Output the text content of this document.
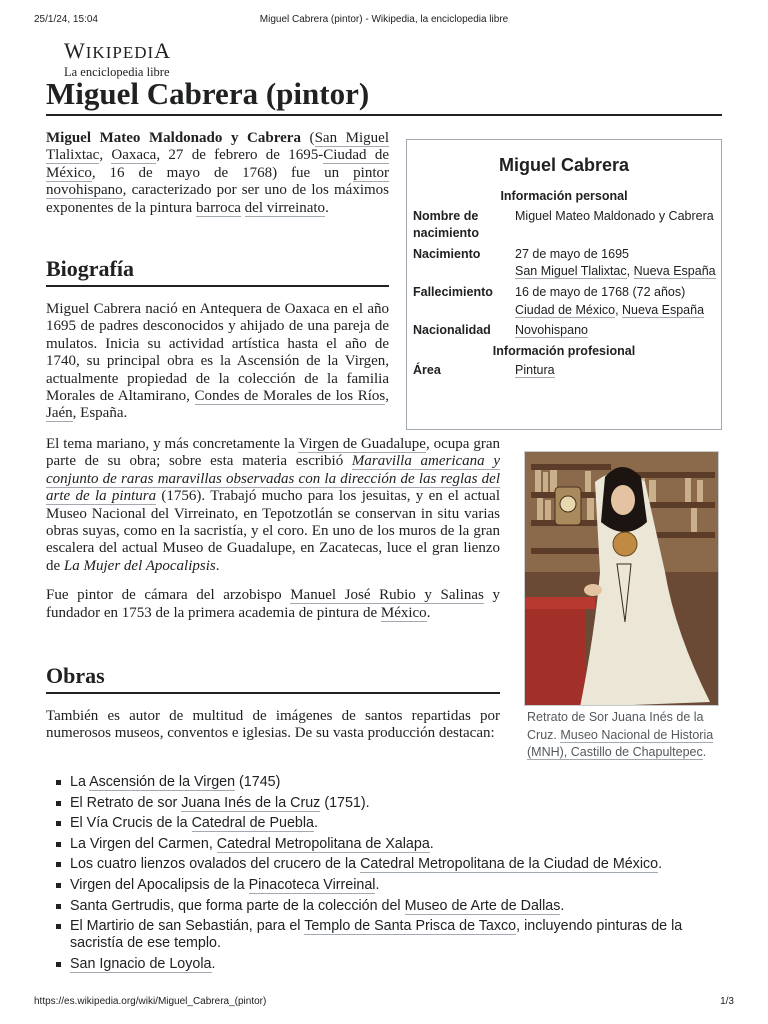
25/1/24, 15:04	Miguel Cabrera (pintor) - Wikipedia, la enciclopedia libre
WIKIPEDIA
La enciclopedia libre
Miguel Cabrera (pintor)

Miguel Mateo Maldonado y Cabrera (San Miguel Tlalixtac, Oaxaca, 27 de febrero de 1695-Ciudad de México, 16 de mayo de 1768) fue un pintor novohispano, caracterizado por ser uno de los máximos exponentes de la pintura barroca del virreinato.

Biografía

Miguel Cabrera nació en Antequera de Oaxaca en el año 1695 de padres desconocidos y ahijado de una pareja de mulatos. Inicia su actividad artística hasta el año de 1740, su principal obra es la Ascensión de la Virgen, actualmente propiedad de la colección de la familia Morales de Altamirano, Condes de Morales de los Ríos, Jaén, España.

El tema mariano, y más concretamente la Virgen de Guadalupe, ocupa gran parte de su obra; sobre esta materia escribió Maravilla americana y conjunto de raras maravillas observadas con la dirección de las reglas del arte de la pintura (1756). Trabajó mucho para los jesuitas, y en el actual Museo Nacional del Virreinato, en Tepotzotlán se conservan in situ varias obras suyas, como en la sacristía, y el coro. En uno de los muros de la gran escalera del actual Museo de Guadalupe, en Zacatecas, luce el gran lienzo de La Mujer del Apocalipsis.

Fue pintor de cámara del arzobispo Manuel José Rubio y Salinas y fundador en 1753 de la primera academia de pintura de México.

Obras

También es autor de multitud de imágenes de santos repartidas por numerosos museos, conventos e iglesias. De su vasta producción destacan:

La Ascensión de la Virgen (1745)
El Retrato de sor Juana Inés de la Cruz (1751).
El Vía Crucis de la Catedral de Puebla.
La Virgen del Carmen, Catedral Metropolitana de Xalapa.
Los cuatro lienzos ovalados del crucero de la Catedral Metropolitana de la Ciudad de México.
Virgen del Apocalipsis de la Pinacoteca Virreinal.
Santa Gertrudis, que forma parte de la colección del Museo de Arte de Dallas.
El Martirio de san Sebastián, para el Templo de Santa Prisca de Taxco, incluyendo pinturas de la sacristía de ese templo.
San Ignacio de Loyola.
Miguel Cabrera
Información personal
Nombre de nacimiento	Miguel Mateo Maldonado y Cabrera
Nacimiento	27 de mayo de 1695
San Miguel Tlalixtac, Nueva España
Fallecimiento	16 de mayo de 1768 (72 años)
Ciudad de México, Nueva España
Nacionalidad	Novohispano
Información profesional
Área	Pintura
Retrato de Sor Juana Inés de la Cruz. Museo Nacional de Historia (MNH), Castillo de Chapultepec.
https://es.wikipedia.org/wiki/Miguel_Cabrera_(pintor)	1/3
